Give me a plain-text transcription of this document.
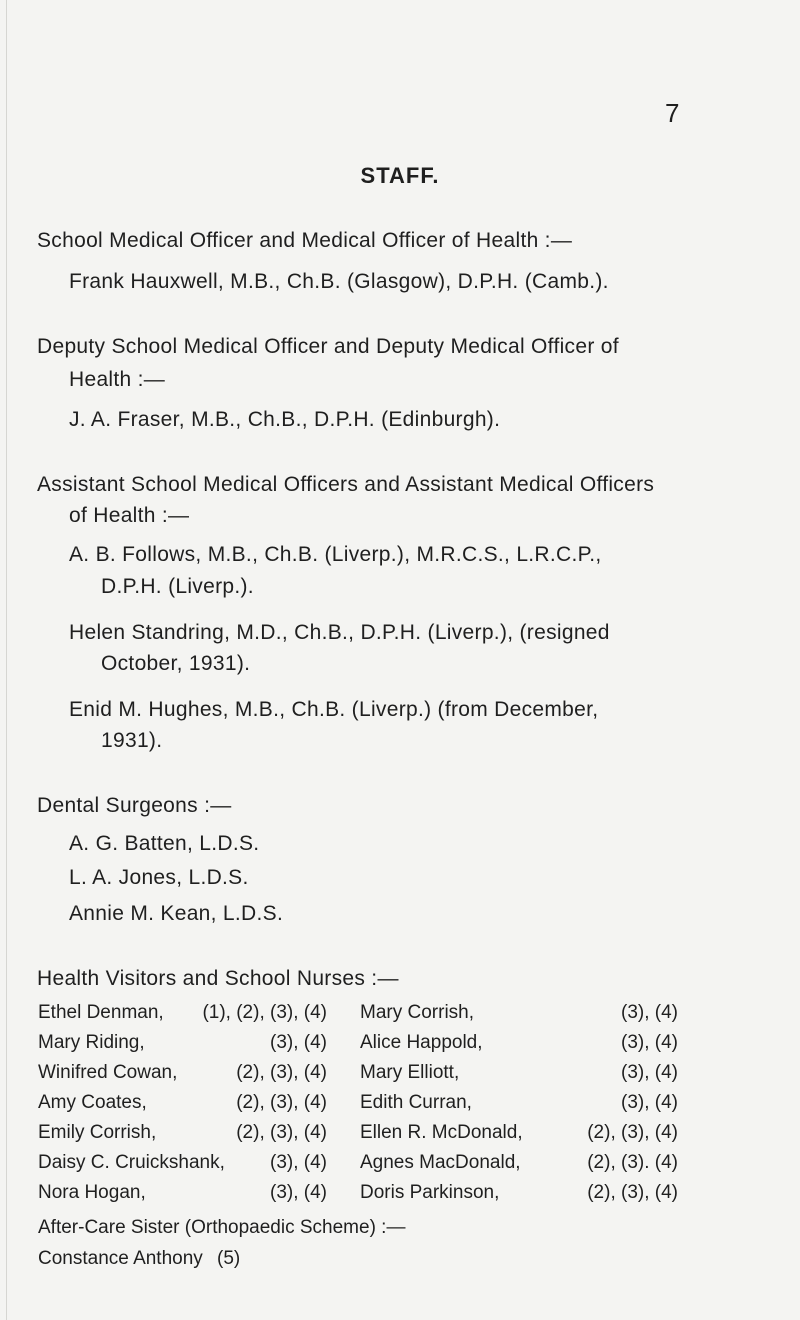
7
STAFF.
School Medical Officer and Medical Officer of Health :—
Frank Hauxwell, M.B., Ch.B. (Glasgow), D.P.H. (Camb.).
Deputy School Medical Officer and Deputy Medical Officer of
Health :—
J. A. Fraser, M.B., Ch.B., D.P.H. (Edinburgh).
Assistant School Medical Officers and Assistant Medical Officers
of Health :—
A. B. Follows, M.B., Ch.B. (Liverp.), M.R.C.S., L.R.C.P.,
D.P.H. (Liverp.).
Helen Standring, M.D., Ch.B., D.P.H. (Liverp.), (resigned
October, 1931).
Enid M. Hughes, M.B., Ch.B. (Liverp.) (from December,
1931).
Dental Surgeons :—
A. G. Batten, L.D.S.
L. A. Jones, L.D.S.
Annie M. Kean, L.D.S.
Health Visitors and School Nurses :—
Ethel Denman, (1), (2), (3), (4) Mary Corrish,	(3), (4)
Mary Riding,	(3), (4) Alice Happold,	(3), (4)
Winifred Cowan,	(2), (3), (4) Mary Elliott,	(3), (4)
Amy Coates,	(2), (3), (4) Edith Curran,	(3), (4)
Emily Corrish,	(2), (3), (4) Ellen R. McDonald,	(2), (3), (4)
Daisy C. Cruickshank, (3), (4) Agnes MacDonald,	(2), (3). (4)
Nora Hogan,	(3), (4) Doris Parkinson,	(2), (3), (4)
After-Care Sister (Orthopaedic Scheme) :—
Constance Anthony (5)
